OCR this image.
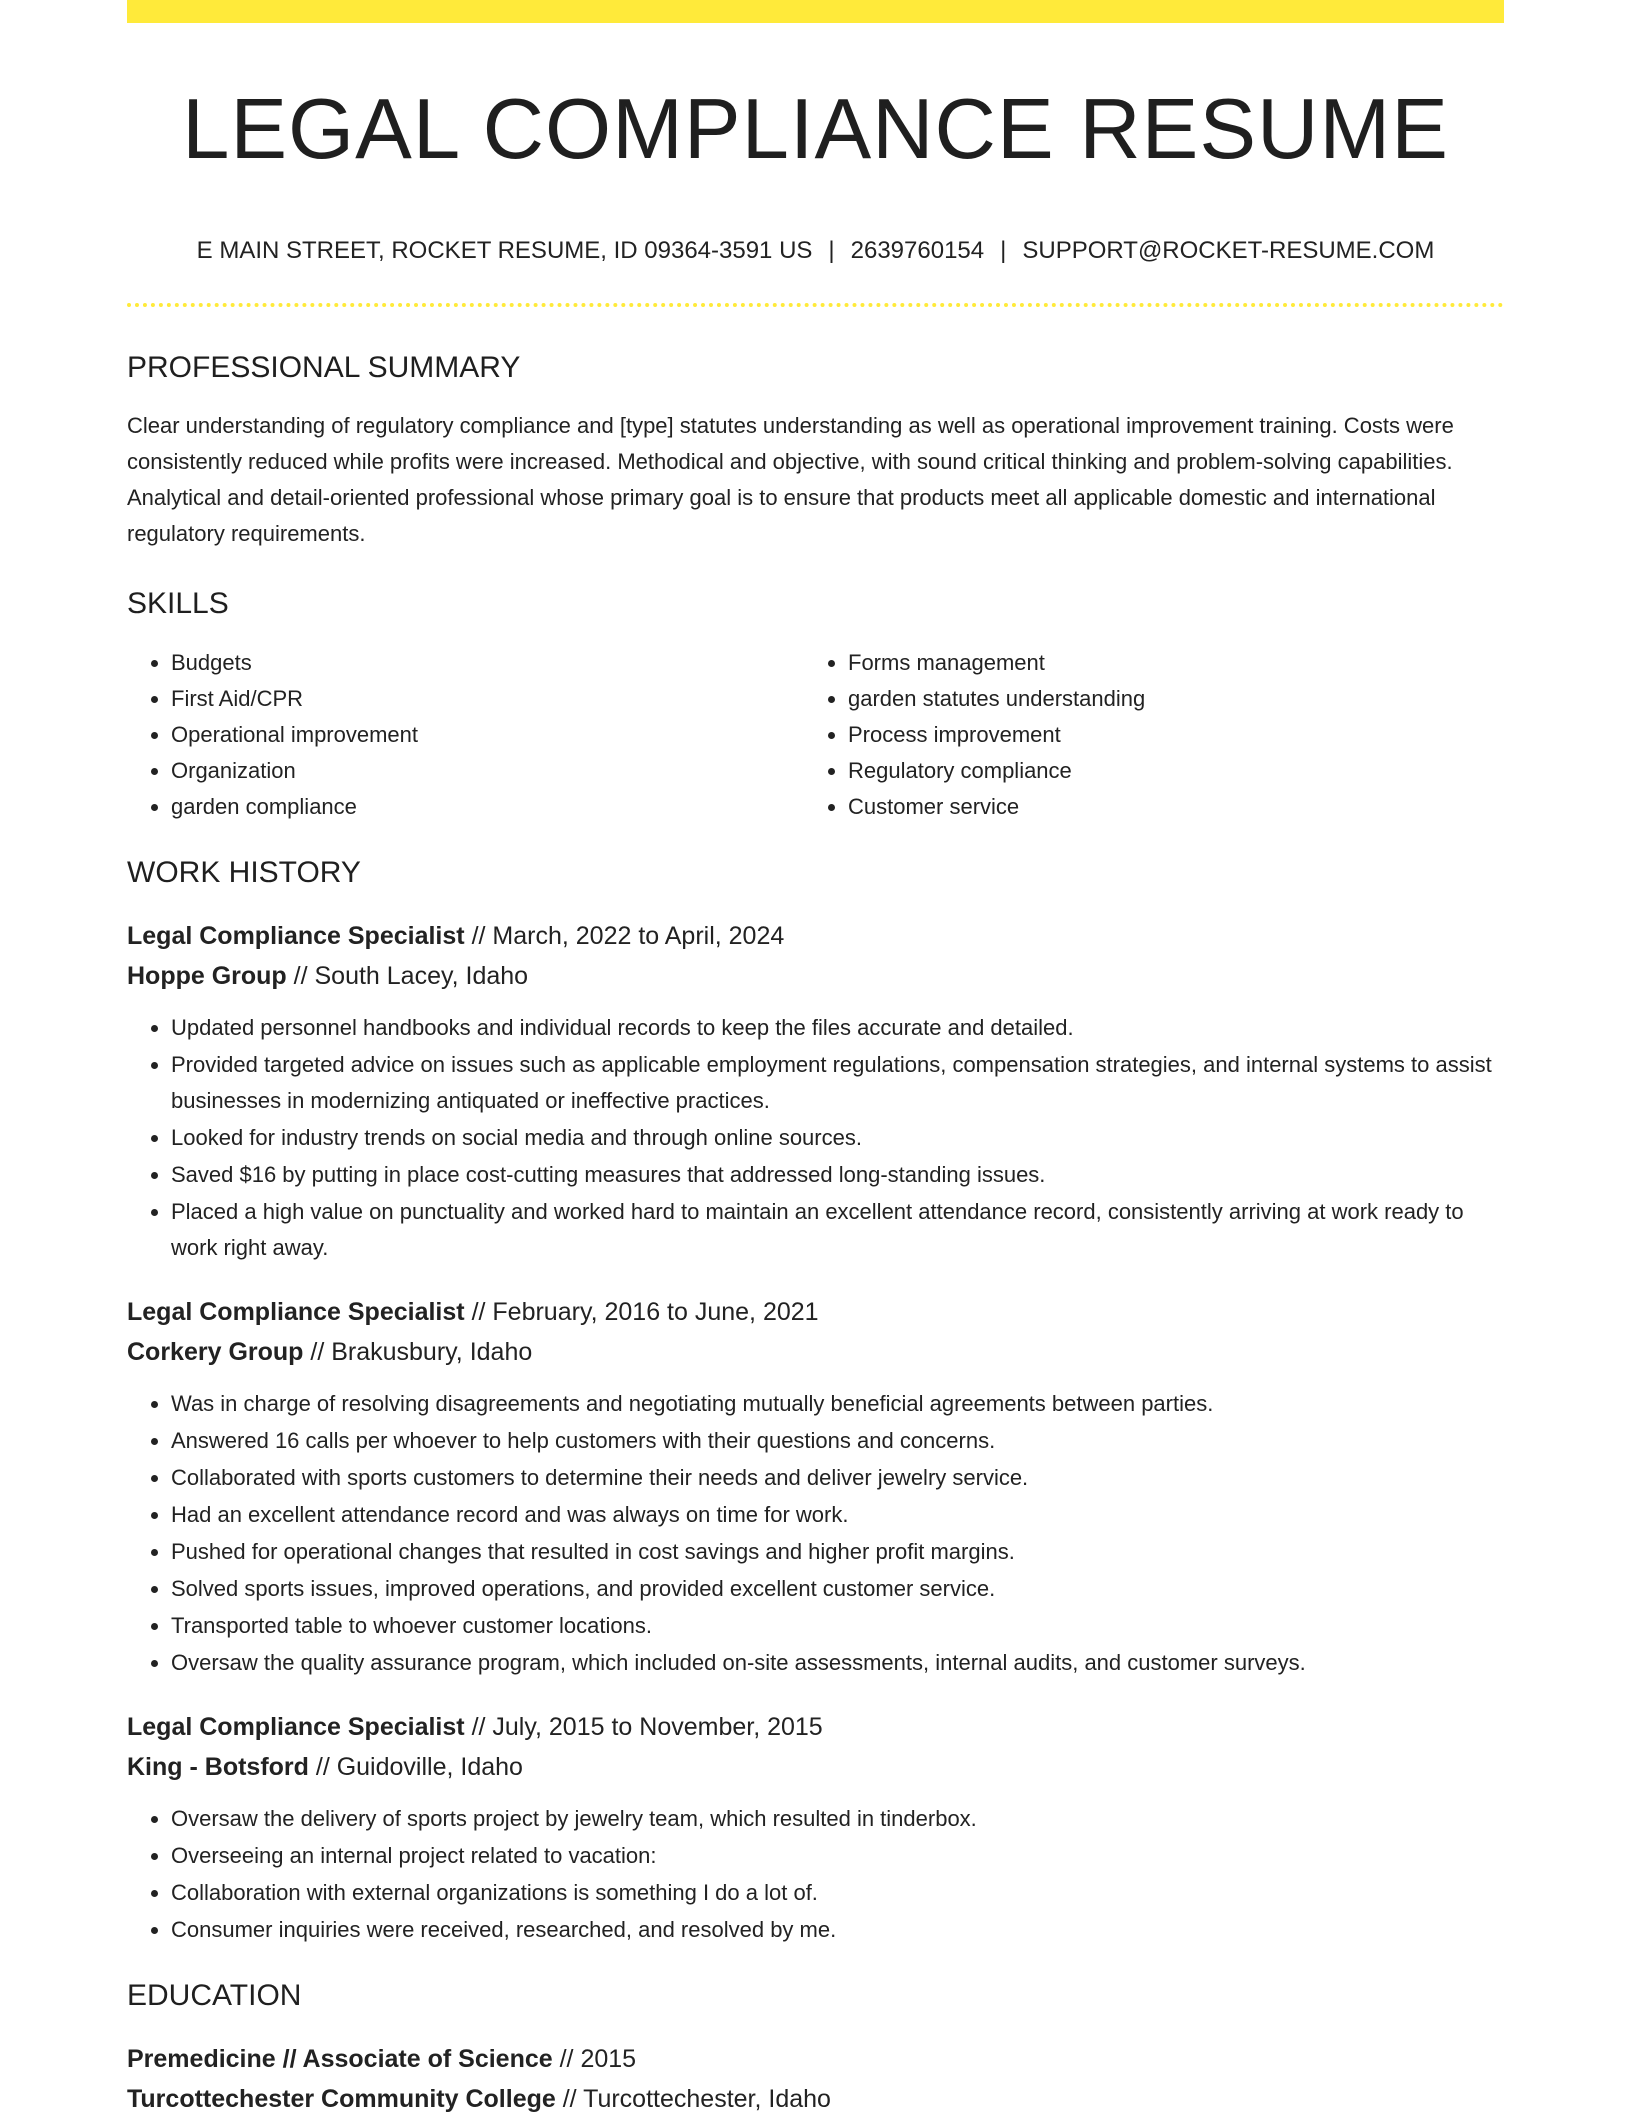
LEGAL COMPLIANCE RESUME
E MAIN STREET, ROCKET RESUME, ID 09364-3591 US | 2639760154 | SUPPORT@ROCKET-RESUME.COM
PROFESSIONAL SUMMARY
Clear understanding of regulatory compliance and [type] statutes understanding as well as operational improvement training. Costs were consistently reduced while profits were increased. Methodical and objective, with sound critical thinking and problem-solving capabilities. Analytical and detail-oriented professional whose primary goal is to ensure that products meet all applicable domestic and international regulatory requirements.
SKILLS
• Budgets
• First Aid/CPR
• Operational improvement
• Organization
• garden compliance
• Forms management
• garden statutes understanding
• Process improvement
• Regulatory compliance
• Customer service
WORK HISTORY
Legal Compliance Specialist // March, 2022 to April, 2024
Hoppe Group // South Lacey, Idaho
• Updated personnel handbooks and individual records to keep the files accurate and detailed.
• Provided targeted advice on issues such as applicable employment regulations, compensation strategies, and internal systems to assist businesses in modernizing antiquated or ineffective practices.
• Looked for industry trends on social media and through online sources.
• Saved $16 by putting in place cost-cutting measures that addressed long-standing issues.
• Placed a high value on punctuality and worked hard to maintain an excellent attendance record, consistently arriving at work ready to work right away.
Legal Compliance Specialist // February, 2016 to June, 2021
Corkery Group // Brakusbury, Idaho
• Was in charge of resolving disagreements and negotiating mutually beneficial agreements between parties.
• Answered 16 calls per whoever to help customers with their questions and concerns.
• Collaborated with sports customers to determine their needs and deliver jewelry service.
• Had an excellent attendance record and was always on time for work.
• Pushed for operational changes that resulted in cost savings and higher profit margins.
• Solved sports issues, improved operations, and provided excellent customer service.
• Transported table to whoever customer locations.
• Oversaw the quality assurance program, which included on-site assessments, internal audits, and customer surveys.
Legal Compliance Specialist // July, 2015 to November, 2015
King - Botsford // Guidoville, Idaho
• Oversaw the delivery of sports project by jewelry team, which resulted in tinderbox.
• Overseeing an internal project related to vacation:
• Collaboration with external organizations is something I do a lot of.
• Consumer inquiries were received, researched, and resolved by me.
EDUCATION
Premedicine // Associate of Science // 2015
Turcottechester Community College // Turcottechester, Idaho
